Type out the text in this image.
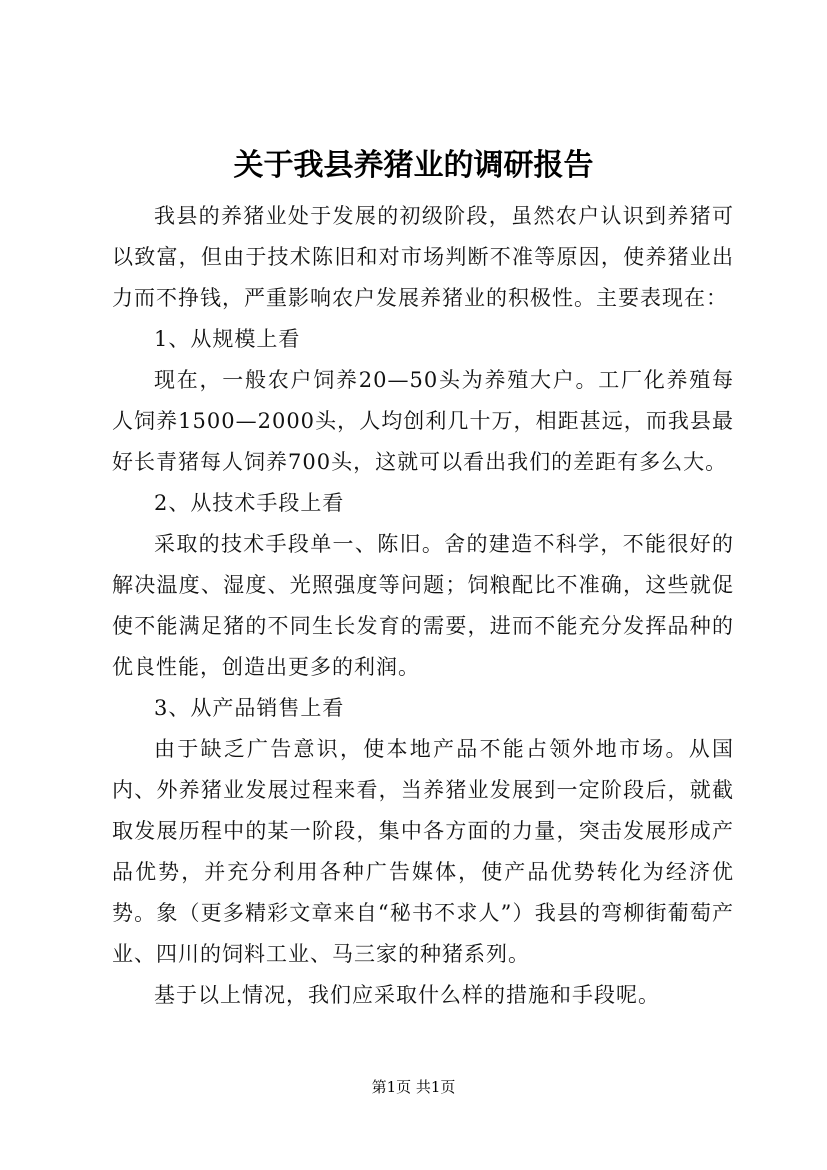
关于我县养猪业的调研报告

我县的养猪业处于发展的初级阶段，虽然农户认识到养猪可以致富，但由于技术陈旧和对市场判断不准等原因，使养猪业出力而不挣钱，严重影响农户发展养猪业的积极性。主要表现在：

1、从规模上看

现在，一般农户饲养20—50头为养殖大户。工厂化养殖每人饲养1500—2000头，人均创利几十万，相距甚远，而我县最好长青猪每人饲养700头，这就可以看出我们的差距有多么大。

2、从技术手段上看

采取的技术手段单一、陈旧。舍的建造不科学，不能很好的解决温度、湿度、光照强度等问题；饲粮配比不准确，这些就促使不能满足猪的不同生长发育的需要，进而不能充分发挥品种的优良性能，创造出更多的利润。

3、从产品销售上看

由于缺乏广告意识，使本地产品不能占领外地市场。从国内、外养猪业发展过程来看，当养猪业发展到一定阶段后，就截取发展历程中的某一阶段，集中各方面的力量，突击发展形成产品优势，并充分利用各种广告媒体，使产品优势转化为经济优势。象（更多精彩文章来自“秘书不求人”）我县的弯柳街葡萄产业、四川的饲料工业、马三家的种猪系列。

基于以上情况，我们应采取什么样的措施和手段呢。

第1页 共1页
